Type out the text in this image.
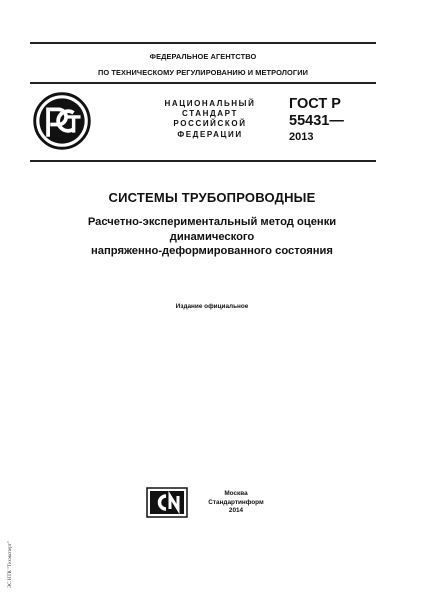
ФЕДЕРАЛЬНОЕ АГЕНТСТВО
ПО ТЕХНИЧЕСКОМУ РЕГУЛИРОВАНИЮ И МЕТРОЛОГИИ
НАЦИОНАЛЬНЫЙ
СТАНДАРТ
РОССИЙСКОЙ
ФЕДЕРАЦИИ
ГОСТ Р
55431—
2013
СИСТЕМЫ ТРУБОПРОВОДНЫЕ
Расчетно-экспериментальный метод оценки
динамического
напряженно-деформированного состояния
Издание официальное
Москва
Стандартинформ
2014
ЭС НТК "Техэксперт"
